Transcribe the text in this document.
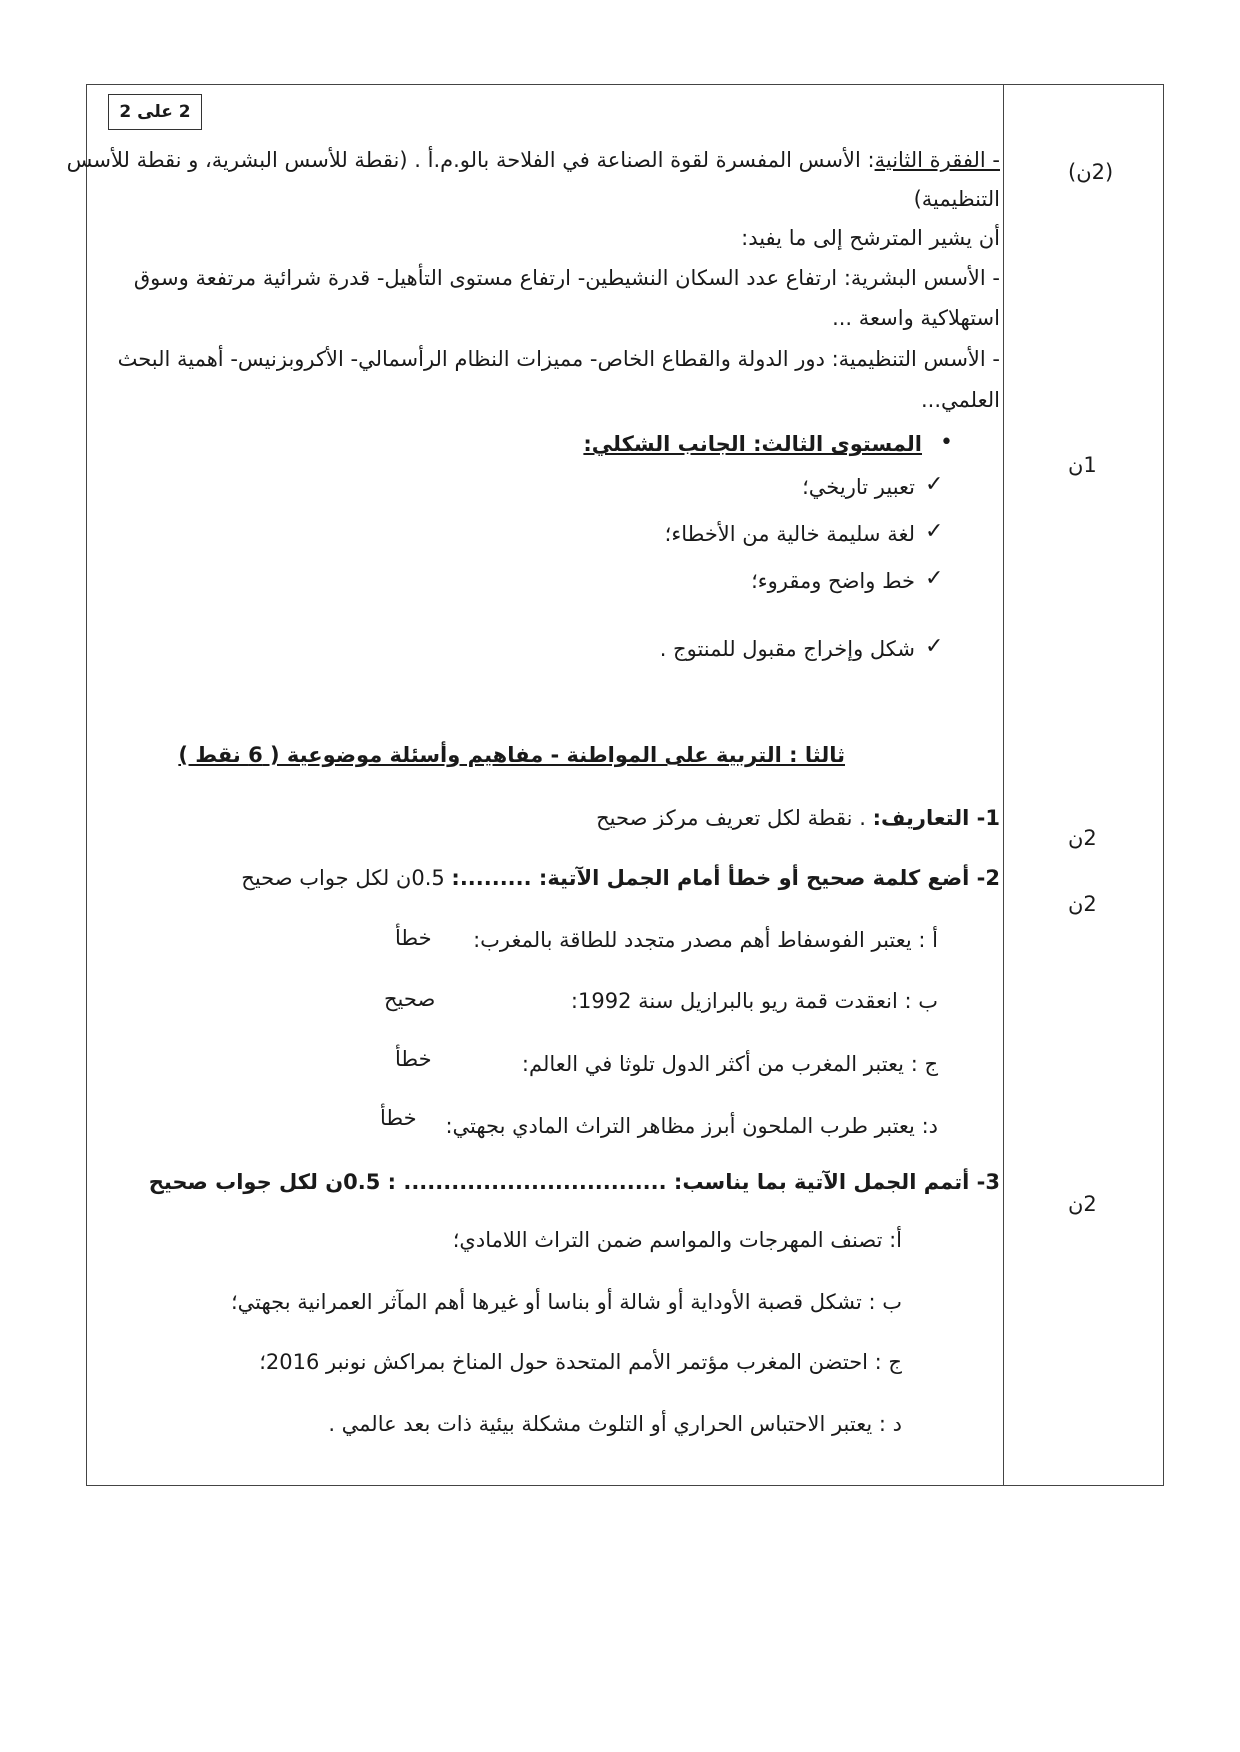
2 على 2
- الفقرة الثانية: الأسس المفسرة لقوة الصناعة في الفلاحة بالو.م.أ . (نقطة للأسس البشرية، و نقطة للأسس
التنظيمية)
أن يشير المترشح إلى ما يفيد:
- الأسس البشرية: ارتفاع عدد السكان النشيطين- ارتفاع مستوى التأهيل- قدرة شرائية مرتفعة وسوق
استهلاكية واسعة ...
- الأسس التنظيمية: دور الدولة والقطاع الخاص- مميزات النظام الرأسمالي- الأكروبزنيس- أهمية البحث
العلمي...
•
المستوى الثالث: الجانب الشكلي:
✓
تعبير تاريخي؛
✓
لغة سليمة خالية من الأخطاء؛
✓
خط واضح ومقروء؛
✓
شكل وإخراج مقبول للمنتوج .
ثالثا : التربية على المواطنة - مفاهيم وأسئلة موضوعية ( 6 نقط )
1- التعاريف: . نقطة لكل تعريف مركز صحيح
2- أضع كلمة صحيح أو خطأ أمام الجمل الآتية: .........: 0.5ن لكل جواب صحيح
أ : يعتبر الفوسفاط أهم مصدر متجدد للطاقة بالمغرب:
خطأ
ب : انعقدت قمة ريو بالبرازيل سنة 1992:
صحيح
ج : يعتبر المغرب من أكثر الدول تلوثا في العالم:
خطأ
د: يعتبر طرب الملحون أبرز مظاهر التراث المادي بجهتي:
خطأ
3- أتمم الجمل الآتية بما يناسب: ................................. : 0.5ن لكل جواب صحيح
أ: تصنف المهرجات والمواسم ضمن التراث اللامادي؛
ب : تشكل قصبة الأوداية أو شالة أو بناسا أو غيرها أهم المآثر العمرانية بجهتي؛
ج : احتضن المغرب مؤتمر الأمم المتحدة حول المناخ بمراكش نونبر 2016؛
د : يعتبر الاحتباس الحراري أو التلوث مشكلة بيئية ذات بعد عالمي .
(2ن)
1ن
2ن
2ن
2ن
